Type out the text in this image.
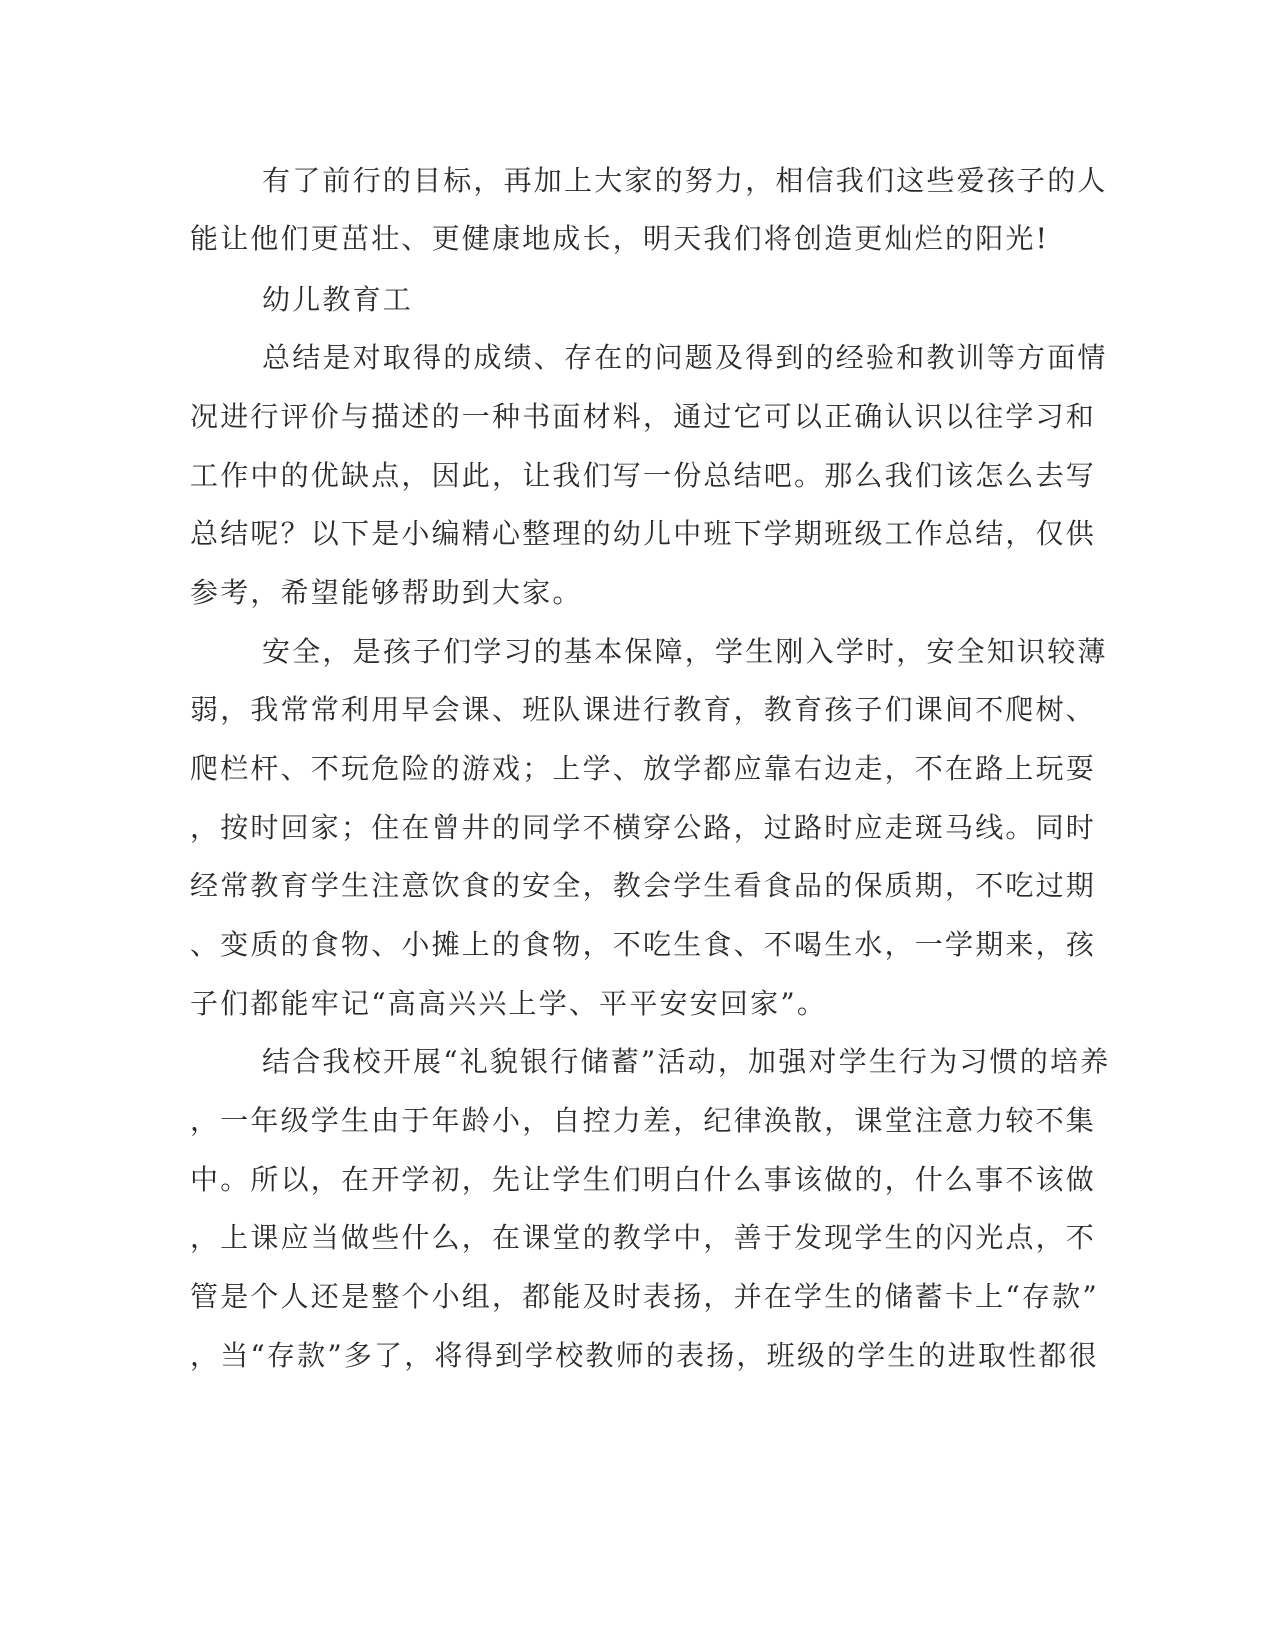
有了前行的目标，再加上大家的努力，相信我们这些爱孩子的人
能让他们更茁壮、更健康地成长，明天我们将创造更灿烂的阳光!
幼儿教育工
总结是对取得的成绩、存在的问题及得到的经验和教训等方面情
况进行评价与描述的一种书面材料，通过它可以正确认识以往学习和
工作中的优缺点，因此，让我们写一份总结吧。那么我们该怎么去写
总结呢？以下是小编精心整理的幼儿中班下学期班级工作总结，仅供
参考，希望能够帮助到大家。
安全，是孩子们学习的基本保障，学生刚入学时，安全知识较薄
弱，我常常利用早会课、班队课进行教育，教育孩子们课间不爬树、
爬栏杆、不玩危险的游戏；上学、放学都应靠右边走，不在路上玩耍
，按时回家；住在曾井的同学不横穿公路，过路时应走斑马线。同时
经常教育学生注意饮食的安全，教会学生看食品的保质期，不吃过期
、变质的食物、小摊上的食物，不吃生食、不喝生水，一学期来，孩
子们都能牢记“高高兴兴上学、平平安安回家”。
结合我校开展“礼貌银行储蓄”活动，加强对学生行为习惯的培养
，一年级学生由于年龄小，自控力差，纪律涣散，课堂注意力较不集
中。所以，在开学初，先让学生们明白什么事该做的，什么事不该做
，上课应当做些什么，在课堂的教学中，善于发现学生的闪光点，不
管是个人还是整个小组，都能及时表扬，并在学生的储蓄卡上“存款”
，当“存款”多了，将得到学校教师的表扬，班级的学生的进取性都很
